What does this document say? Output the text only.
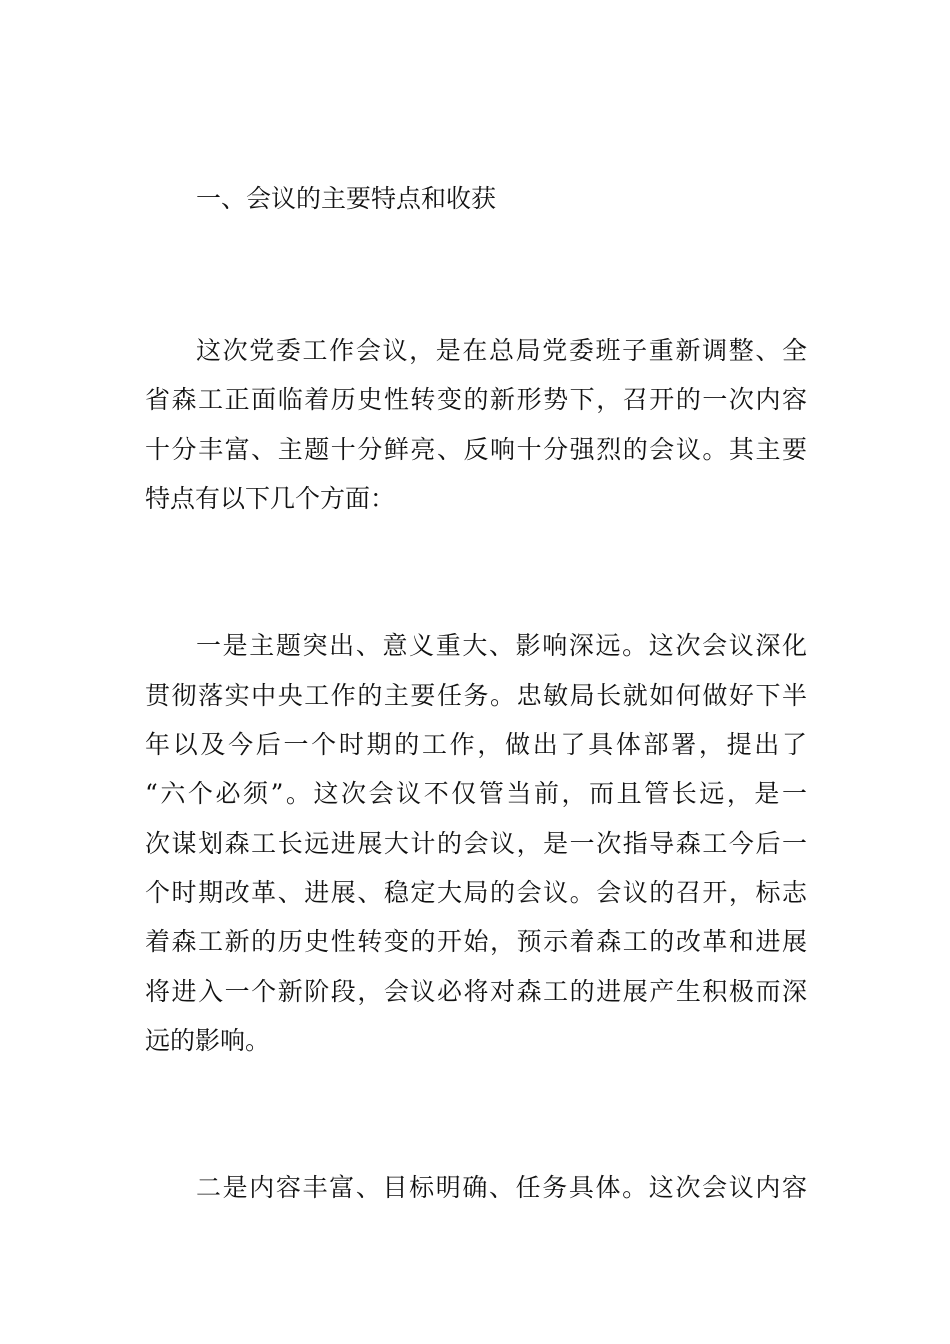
一、会议的主要特点和收获
这次党委工作会议，是在总局党委班子重新调整、全
省森工正面临着历史性转变的新形势下，召开的一次内容
十分丰富、主题十分鲜亮、反响十分强烈的会议。其主要
特点有以下几个方面：
一是主题突出、意义重大、影响深远。这次会议深化
贯彻落实中央工作的主要任务。忠敏局长就如何做好下半
年以及今后一个时期的工作，做出了具体部署，提出了
“六个必须”。这次会议不仅管当前，而且管长远，是一
次谋划森工长远进展大计的会议，是一次指导森工今后一
个时期改革、进展、稳定大局的会议。会议的召开，标志
着森工新的历史性转变的开始，预示着森工的改革和进展
将进入一个新阶段，会议必将对森工的进展产生积极而深
远的影响。
二是内容丰富、目标明确、任务具体。这次会议内容
